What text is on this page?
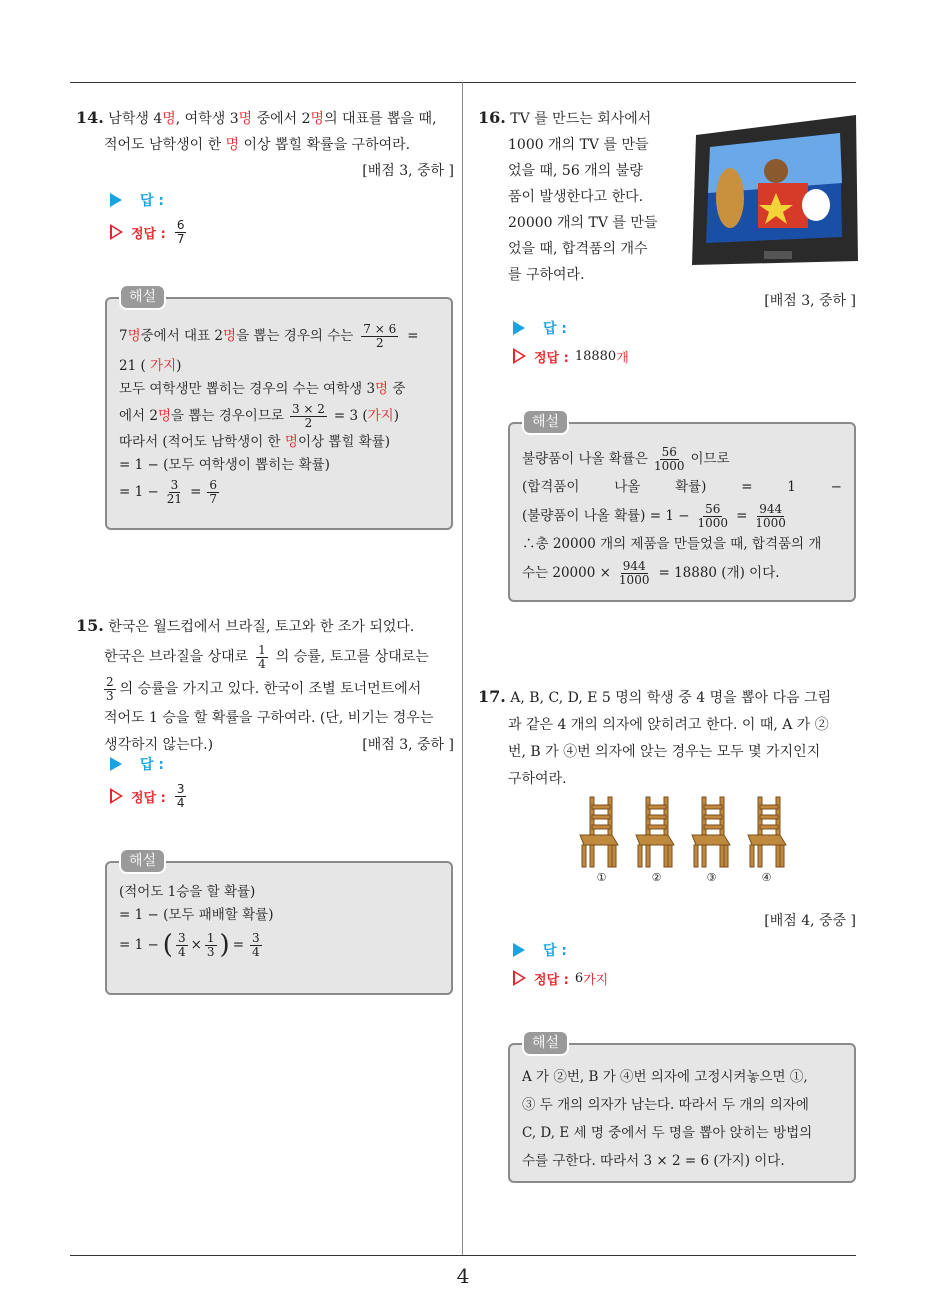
4
14. 남학생 4명, 여학생 3명 중에서 2명의 대표를 뽑을 때, 적어도 남학생이 한 명 이상 뽑힐 확률을 구하여라.
[배점 3, 중하 ]
답 :
정답 : $\frac{6}{7}$
해설
7 명 중에서 대표 2 명 을 뽑는 경우의 수는 $\frac{7 \times 6}{2}$ =
21 ( 가지)
모두 여학생만 뽑히는 경우의 수는 여학생 3명 중
에서 2 명 을 뽑는 경우이므로 $\frac{3 \times 2}{2} = 3$ ( 가지 )
따라서 (적어도 남학생이 한 명이상 뽑힐 확률)
= 1 − (모두 여학생이 뽑히는 확률)
= $1 - \frac{3}{21} = \frac{6}{7}$
15. 한국은 월드컵에서 브라질, 토고와 한 조가 되었다.
한국은 브라질을 상대로 $\frac{1}{4}$ 의 승률, 토고를 상대로는
$\frac{2}{3}$ 의 승률을 가지고 있다. 한국이 조별 토너먼트에서
적어도 1 승을 할 확률을 구하여라. (단, 비기는 경우는
생각하지 않는다.)	[배점 3, 중하 ]
답 :
정답 : $\frac{3}{4}$
해설
(적어도 1승을 할 확률)
= 1 − (모두 패배할 확률)
= 1 − ( $\frac{3}{4} \times \frac{1}{3}$ ) = $\frac{3}{4}$
16. TV 를 만드는 회사에서
1000 개의 TV 를 만들
었을 때, 56 개의 불량
품이 발생한다고 한다.
20000 개의 TV 를 만들
었을 때, 합격품의 개수
를 구하여라.
[배점 3, 중하 ]
답 :
정답 : 18880 개
해설
불량품이 나올 확률은 $\frac{56}{1000}$ 이므로
(합격품이	나올	확률)	=	1	−
(불량품이 나올 확률) = $1 - \frac{56}{1000} = \frac{944}{1000}$
∴총 20000 개의 제품을 만들었을 때, 합격품의 개
수는 $20000 \times \frac{944}{1000} = 18880$ (개) 이다.
17. A, B, C, D, E 5 명의 학생 중 4 명을 뽑아 다음 그림
과 같은 4 개의 의자에 앉히려고 한다. 이 때, A 가 ②
번, B 가 ④번 의자에 앉는 경우는 모두 몇 가지인지
구하여라.
①	②	③	④
[배점 4, 중중 ]
답 :
정답 : 6 가지
해설
A 가 ②번, B 가 ④번 의자에 고정시켜놓으면 ①,
③ 두 개의 의자가 남는다. 따라서 두 개의 의자에
C, D, E 세 명 중에서 두 명을 뽑아 앉히는 방법의
수를 구한다. 따라서 3 × 2 = 6 (가지) 이다.
